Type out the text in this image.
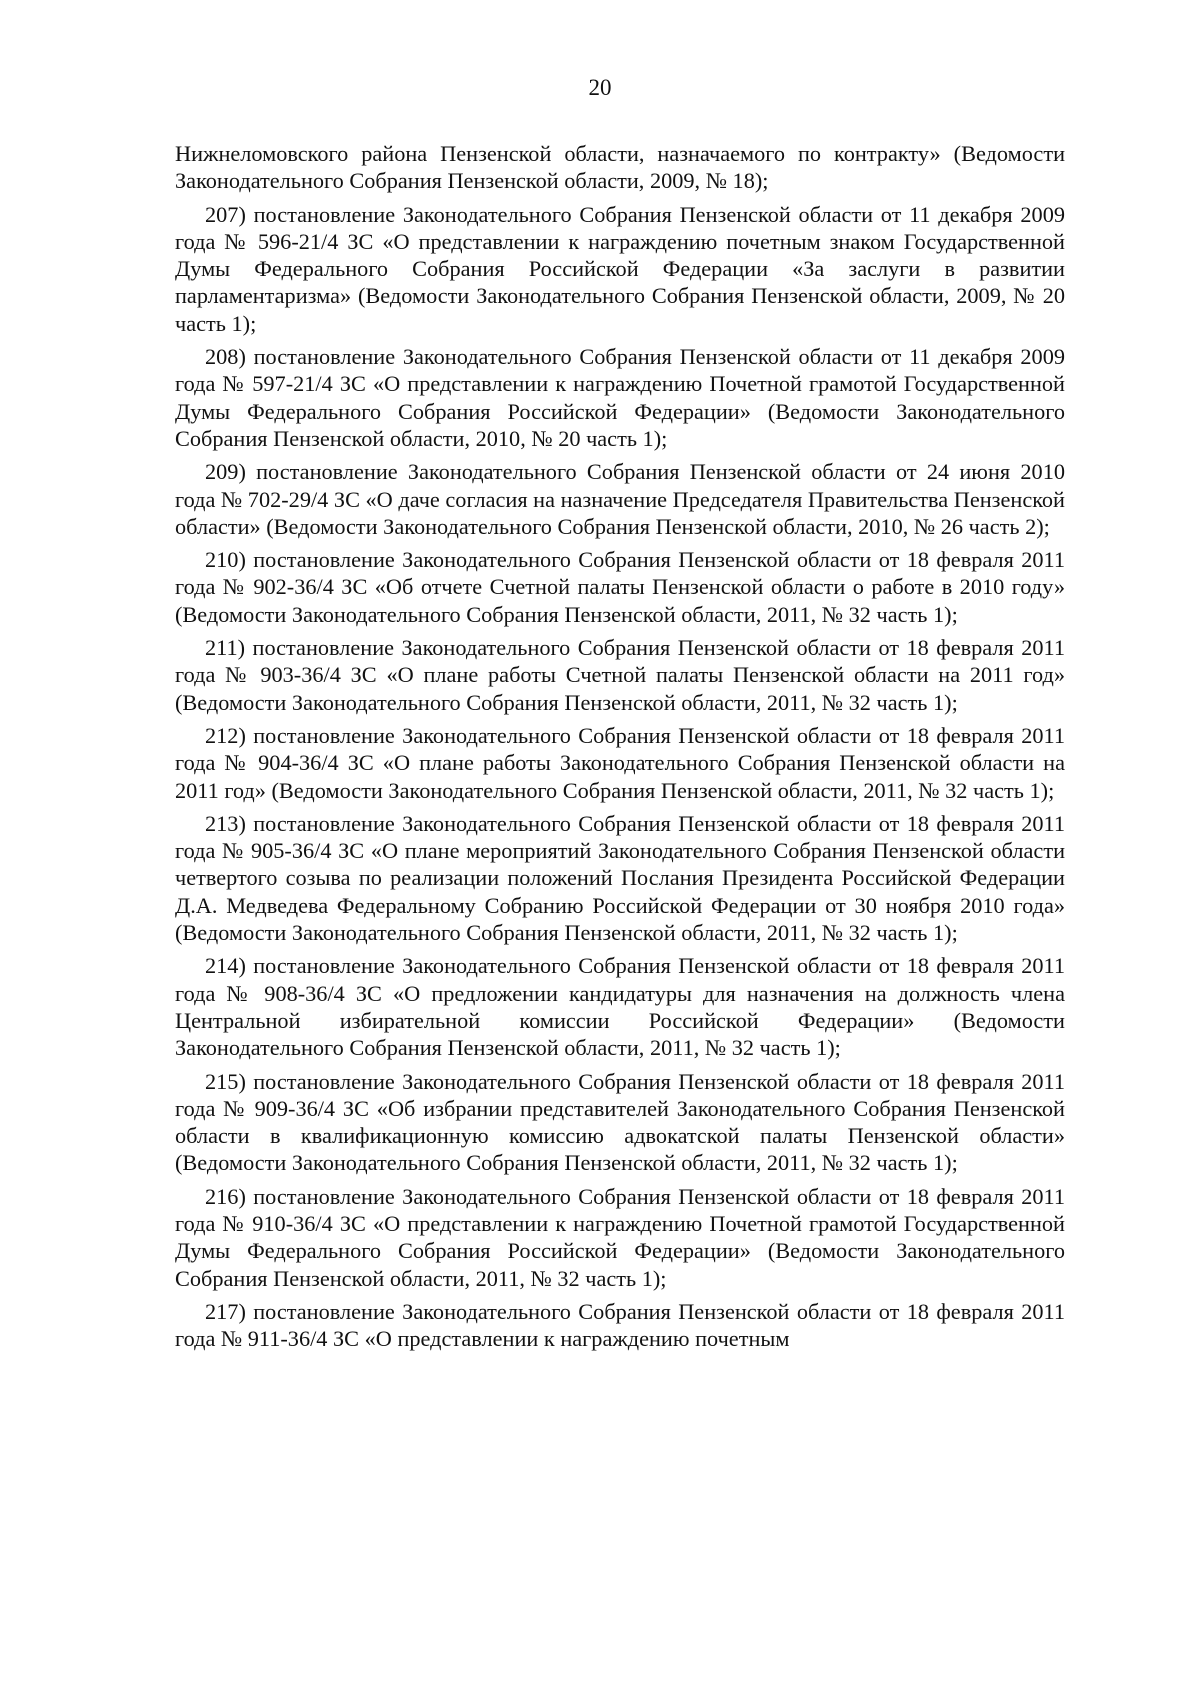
20

Нижнеломовского района Пензенской области, назначаемого по контракту» (Ведомости Законодательного Собрания Пензенской области, 2009, № 18);

207) постановление Законодательного Собрания Пензенской области от 11 декабря 2009 года № 596-21/4 ЗС «О представлении к награждению почетным знаком Государственной Думы Федерального Собрания Российской Федерации «За заслуги в развитии парламентаризма» (Ведомости Законодательного Собрания Пензенской области, 2009, № 20 часть 1);

208) постановление Законодательного Собрания Пензенской области от 11 декабря 2009 года № 597-21/4 ЗС «О представлении к награждению Почетной грамотой Государственной Думы Федерального Собрания Российской Федерации» (Ведомости Законодательного Собрания Пензенской области, 2010, № 20 часть 1);

209) постановление Законодательного Собрания Пензенской области от 24 июня 2010 года № 702-29/4 ЗС «О даче согласия на назначение Председателя Правительства Пензенской области» (Ведомости Законодательного Собрания Пензенской области, 2010, № 26 часть 2);

210) постановление Законодательного Собрания Пензенской области от 18 февраля 2011 года № 902-36/4 ЗС «Об отчете Счетной палаты Пензенской области о работе в 2010 году» (Ведомости Законодательного Собрания Пензенской области, 2011, № 32 часть 1);

211) постановление Законодательного Собрания Пензенской области от 18 февраля 2011 года № 903-36/4 ЗС «О плане работы Счетной палаты Пензенской области на 2011 год» (Ведомости Законодательного Собрания Пензенской области, 2011, № 32 часть 1);

212) постановление Законодательного Собрания Пензенской области от 18 февраля 2011 года № 904-36/4 ЗС «О плане работы Законодательного Собрания Пензенской области на 2011 год» (Ведомости Законодательного Собрания Пензенской области, 2011, № 32 часть 1);

213) постановление Законодательного Собрания Пензенской области от 18 февраля 2011 года № 905-36/4 ЗС «О плане мероприятий Законодательного Собрания Пензенской области четвертого созыва по реализации положений Послания Президента Российской Федерации Д.А. Медведева Федеральному Собранию Российской Федерации от 30 ноября 2010 года» (Ведомости Законодательного Собрания Пензенской области, 2011, № 32 часть 1);

214) постановление Законодательного Собрания Пензенской области от 18 февраля 2011 года № 908-36/4 ЗС «О предложении кандидатуры для назначения на должность члена Центральной избирательной комиссии Российской Федерации» (Ведомости Законодательного Собрания Пензенской области, 2011, № 32 часть 1);

215) постановление Законодательного Собрания Пензенской области от 18 февраля 2011 года № 909-36/4 ЗС «Об избрании представителей Законодательного Собрания Пензенской области в квалификационную комиссию адвокатской палаты Пензенской области» (Ведомости Законодательного Собрания Пензенской области, 2011, № 32 часть 1);

216) постановление Законодательного Собрания Пензенской области от 18 февраля 2011 года № 910-36/4 ЗС «О представлении к награждению Почетной грамотой Государственной Думы Федерального Собрания Российской Федерации» (Ведомости Законодательного Собрания Пензенской области, 2011, № 32 часть 1);

217) постановление Законодательного Собрания Пензенской области от 18 февраля 2011 года № 911-36/4 ЗС «О представлении к награждению почетным
